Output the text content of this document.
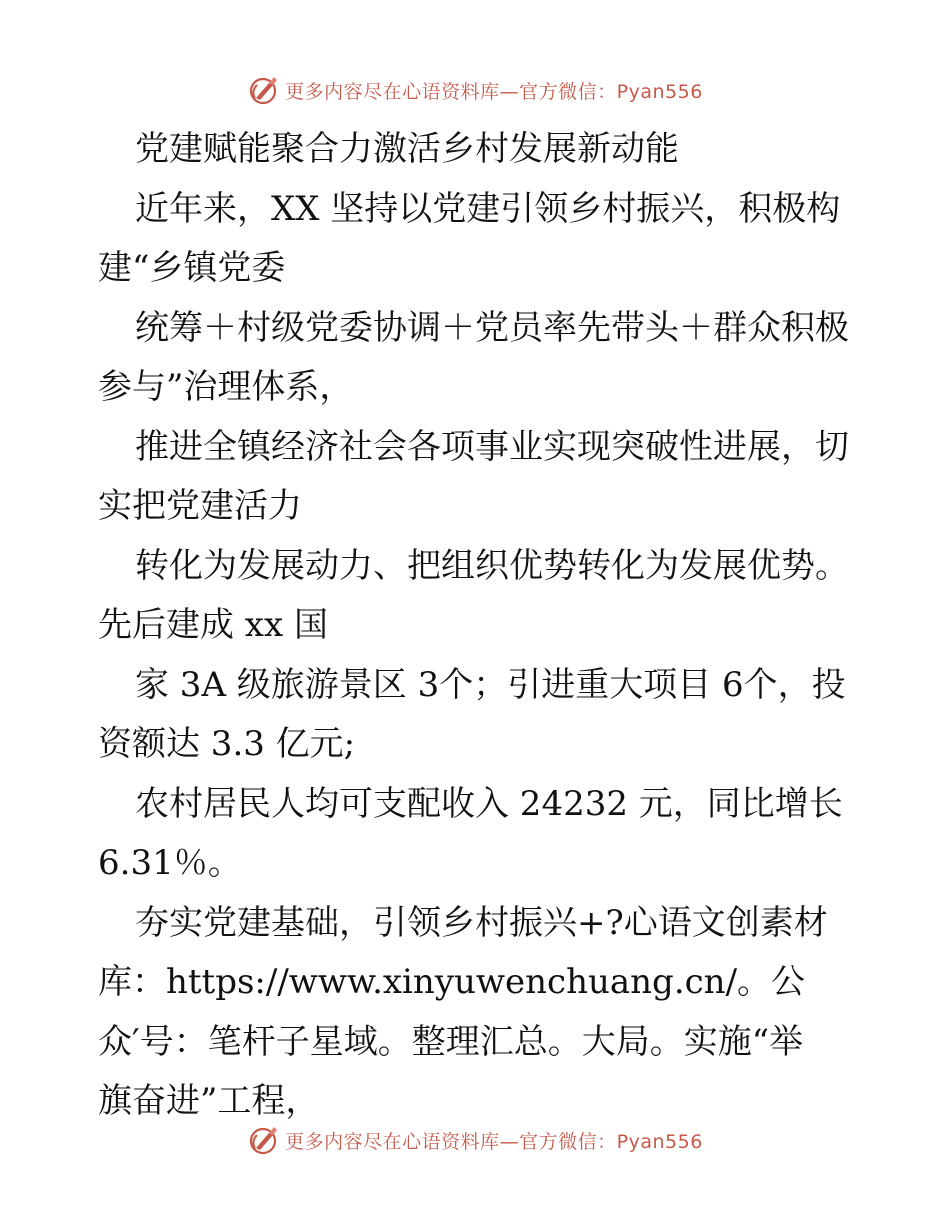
更多内容尽在心语资料库—官方微信：Pyan556
党建赋能聚合力激活乡村发展新动能
近年来，XX 坚持以党建引领乡村振兴，积极构
建“乡镇党委
统筹＋村级党委协调＋党员率先带头＋群众积极
参与”治理体系，
推进全镇经济社会各项事业实现突破性进展，切
实把党建活力
转化为发展动力、把组织优势转化为发展优势。
先后建成 xx 国
家 3A 级旅游景区 3个；引进重大项目 6个，投
资额达 3.3 亿元;
农村居民人均可支配收入 24232 元，同比增长
6.31％。
夯实党建基础，引领乡村振兴+?心语文创素材
库：https://www.xinyuwenchuang.cn/。公
众′号：笔杆子星域。整理汇总。大局。实施“举
旗奋进”工程，
更多内容尽在心语资料库—官方微信：Pyan556
